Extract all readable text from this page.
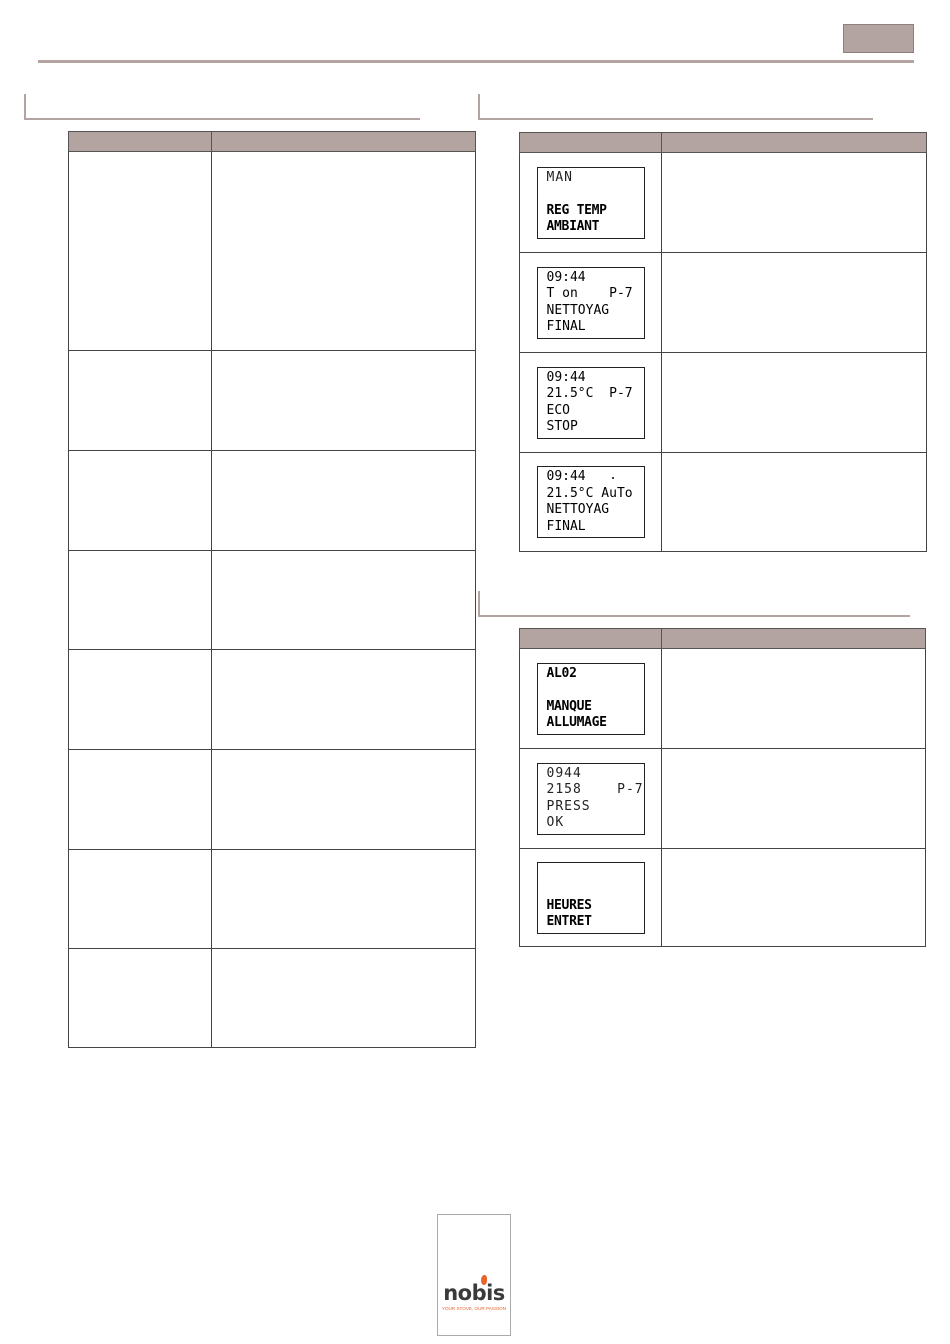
MAN
REG TEMP
AMBIANT	

09:44
T on    P-7
NETTOYAG
FINAL	

09:44
21.5°C  P-7
ECO
STOP	

09:44
21.5°C AuTo
NETTOYAG
FINAL	

AL02
MANQUE
ALLUMAGE	

0944
2158    P-7
PRESS
OK	

HEURES
ENTRET	

nobis
YOUR STOVE, OUR PASSION
